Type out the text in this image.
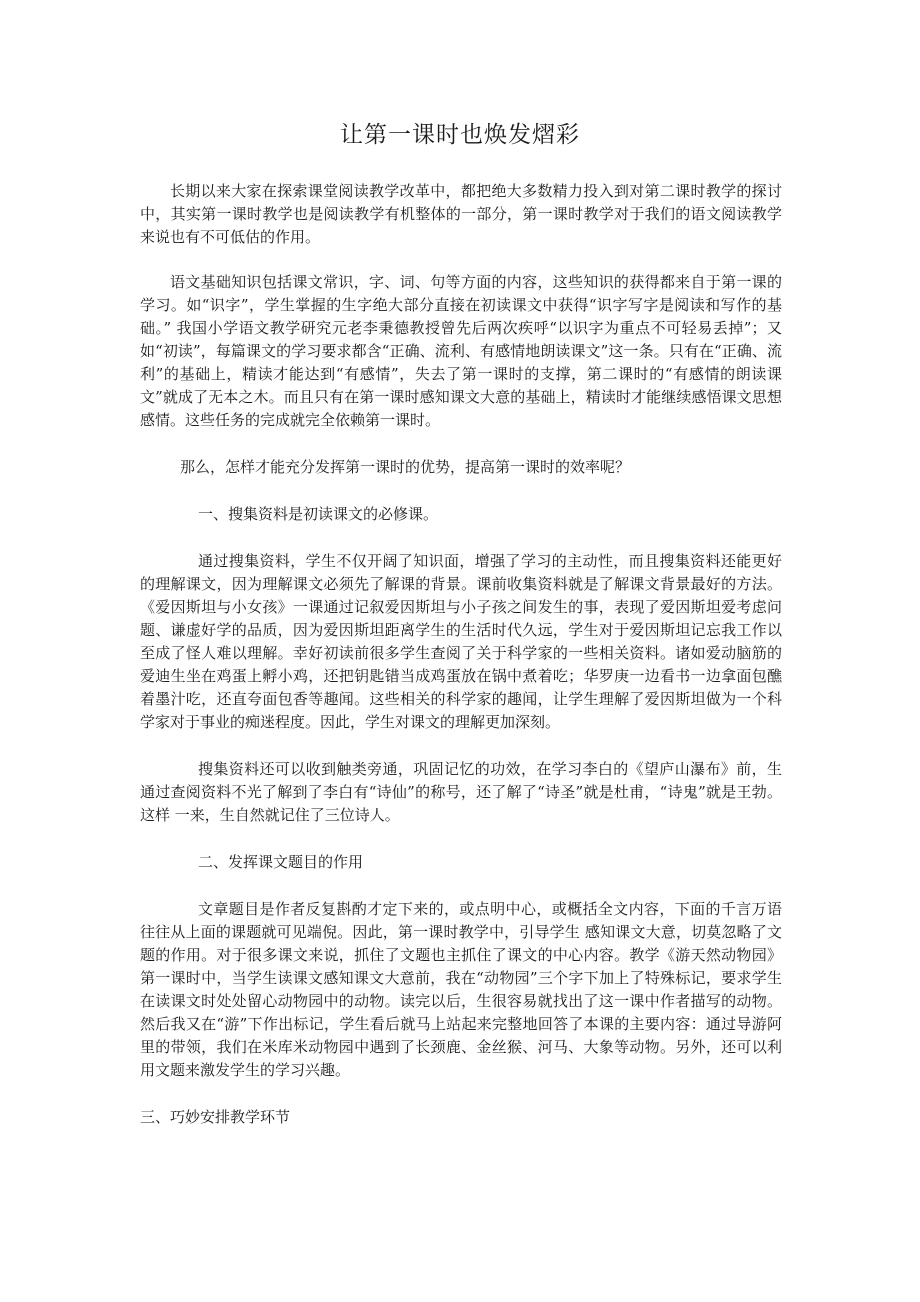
让第一课时也焕发熠彩

长期以来大家在探索课堂阅读教学改革中，都把绝大多数精力投入到对第二课时教学的探讨中，其实第一课时教学也是阅读教学有机整体的一部分，第一课时教学对于我们的语文阅读教学来说也有不可低估的作用。

语文基础知识包括课文常识，字、词、句等方面的内容，这些知识的获得都来自于第一课的学习。如“识字”，学生掌握的生字绝大部分直接在初读课文中获得“识字写字是阅读和写作的基础。” 我国小学语文教学研究元老李秉德教授曾先后两次疾呼“以识字为重点不可轻易丢掉”；又如“初读”，每篇课文的学习要求都含“正确、流利、有感情地朗读课文”这一条。只有在“正确、流利”的基础上，精读才能达到“有感情”，失去了第一课时的支撑，第二课时的“有感情的朗读课文”就成了无本之木。而且只有在第一课时感知课文大意的基础上，精读时才能继续感悟课文思想感情。这些任务的完成就完全依赖第一课时。

那么，怎样才能充分发挥第一课时的优势，提高第一课时的效率呢？

一、搜集资料是初读课文的必修课。

通过搜集资料，学生不仅开阔了知识面，增强了学习的主动性，而且搜集资料还能更好的理解课文，因为理解课文必须先了解课的背景。课前收集资料就是了解课文背景最好的方法。《爱因斯坦与小女孩》一课通过记叙爱因斯坦与小子孩之间发生的事，表现了爱因斯坦爱考虑问题、谦虚好学的品质，因为爱因斯坦距离学生的生活时代久远，学生对于爱因斯坦记忘我工作以至成了怪人难以理解。幸好初读前很多学生查阅了关于科学家的一些相关资料。诸如爱动脑筋的爱迪生坐在鸡蛋上孵小鸡，还把钥匙错当成鸡蛋放在锅中煮着吃；华罗庚一边看书一边拿面包醮着墨汁吃，还直夸面包香等趣闻。这些相关的科学家的趣闻，让学生理解了爱因斯坦做为一个科学家对于事业的痴迷程度。因此，学生对课文的理解更加深刻。

搜集资料还可以收到触类旁通，巩固记忆的功效，在学习李白的《望庐山瀑布》前，生通过查阅资料不光了解到了李白有“诗仙”的称号，还了解了“诗圣”就是杜甫，“诗鬼”就是王勃。这样 一来，生自然就记住了三位诗人。

二、发挥课文题目的作用

文章题目是作者反复斟酌才定下来的，或点明中心，或概括全文内容，下面的千言万语往往从上面的课题就可见端倪。因此，第一课时教学中，引导学生 感知课文大意，切莫忽略了文题的作用。对于很多课文来说，抓住了文题也主抓住了课文的中心内容。教学《游天然动物园》第一课时中，当学生读课文感知课文大意前，我在“动物园”三个字下加上了特殊标记，要求学生在读课文时处处留心动物园中的动物。读完以后，生很容易就找出了这一课中作者描写的动物。然后我又在“游”下作出标记，学生看后就马上站起来完整地回答了本课的主要内容：通过导游阿里的带领，我们在米库米动物园中遇到了长颈鹿、金丝猴、河马、大象等动物。另外，还可以利用文题来激发学生的学习兴趣。

三、巧妙安排教学环节
